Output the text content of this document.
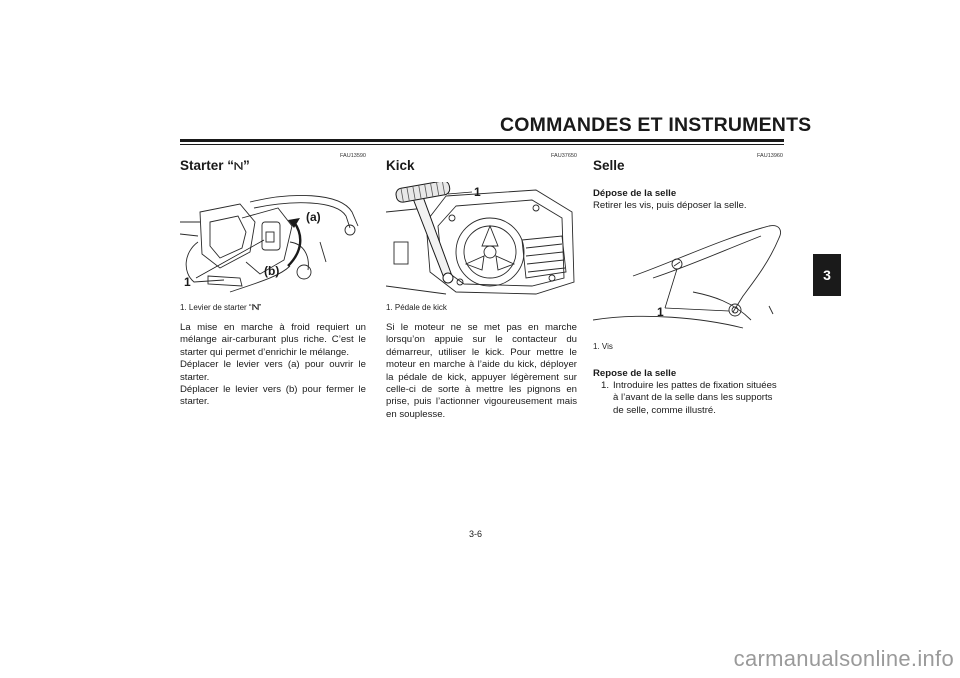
COMMANDES ET INSTRUMENTS
3
FAU13590
Starter “ ”
(a)
(b)
1
1. Levier de starter “ ”

La mise en marche à froid requiert un mélange air-carburant plus riche. C’est le starter qui permet d’enrichir le mélange.

Déplacer le levier vers (a) pour ouvrir le starter.

Déplacer le levier vers (b) pour fermer le starter.

FAU37650
Kick
1
1. Pédale de kick

Si le moteur ne se met pas en marche lorsqu’on appuie sur le contacteur du démarreur, utiliser le kick. Pour mettre le moteur en marche à l’aide du kick, déployer la pédale de kick, appuyer légèrement sur celle-ci de sorte à mettre les pignons en prise, puis l’actionner vigoureusement mais en souplesse.

FAU13960
Selle
Dépose de la selle
Retirer les vis, puis déposer la selle.
1
1. Vis
Repose de la selle
1. Introduire les pattes de fixation situées à l’avant de la selle dans les supports de selle, comme illustré.
3-6
carmanualsonline.info
